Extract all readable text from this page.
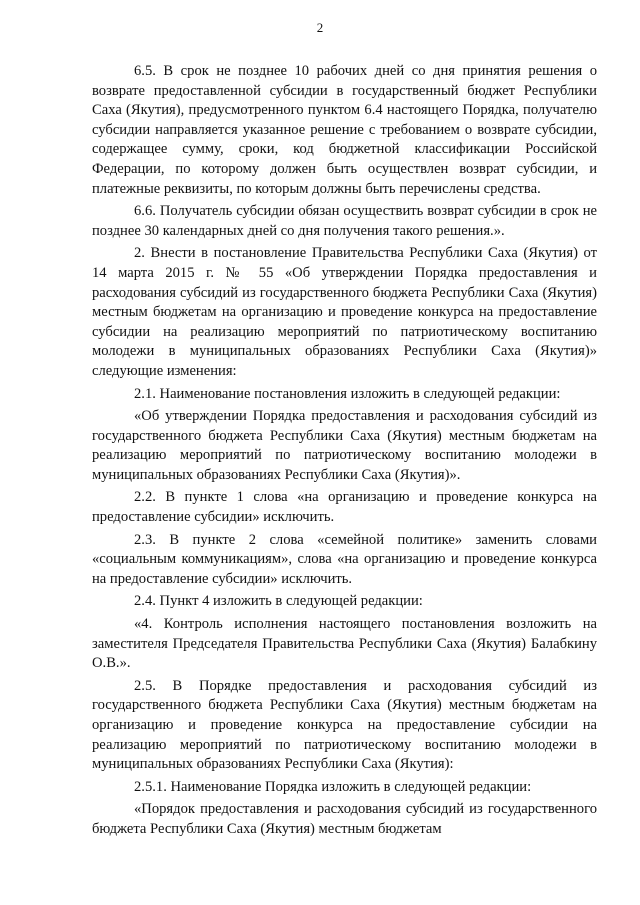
2

6.5. В срок не позднее 10 рабочих дней со дня принятия решения о возврате предоставленной субсидии в государственный бюджет Республики Саха (Якутия), предусмотренного пунктом 6.4 настоящего Порядка, получателю субсидии направляется указанное решение с требованием о возврате субсидии, содержащее сумму, сроки, код бюджетной классификации Российской Федерации, по которому должен быть осуществлен возврат субсидии, и платежные реквизиты, по которым должны быть перечислены средства.

6.6. Получатель субсидии обязан осуществить возврат субсидии в срок не позднее 30 календарных дней со дня получения такого решения.».

2. Внести в постановление Правительства Республики Саха (Якутия) от 14 марта 2015 г. № 55 «Об утверждении Порядка предоставления и расходования субсидий из государственного бюджета Республики Саха (Якутия) местным бюджетам на организацию и проведение конкурса на предоставление субсидии на реализацию мероприятий по патриотическому воспитанию молодежи в муниципальных образованиях Республики Саха (Якутия)» следующие изменения:

2.1. Наименование постановления изложить в следующей редакции:

«Об утверждении Порядка предоставления и расходования субсидий из государственного бюджета Республики Саха (Якутия) местным бюджетам на реализацию мероприятий по патриотическому воспитанию молодежи в муниципальных образованиях Республики Саха (Якутия)».

2.2. В пункте 1 слова «на организацию и проведение конкурса на предоставление субсидии» исключить.

2.3. В пункте 2 слова «семейной политике» заменить словами «социальным коммуникациям», слова «на организацию и проведение конкурса на предоставление субсидии» исключить.

2.4. Пункт 4 изложить в следующей редакции:

«4. Контроль исполнения настоящего постановления возложить на заместителя Председателя Правительства Республики Саха (Якутия) Балабкину О.В.».

2.5. В Порядке предоставления и расходования субсидий из государственного бюджета Республики Саха (Якутия) местным бюджетам на организацию и проведение конкурса на предоставление субсидии на реализацию мероприятий по патриотическому воспитанию молодежи в муниципальных образованиях Республики Саха (Якутия):

2.5.1. Наименование Порядка изложить в следующей редакции:

«Порядок предоставления и расходования субсидий из государственного бюджета Республики Саха (Якутия) местным бюджетам
